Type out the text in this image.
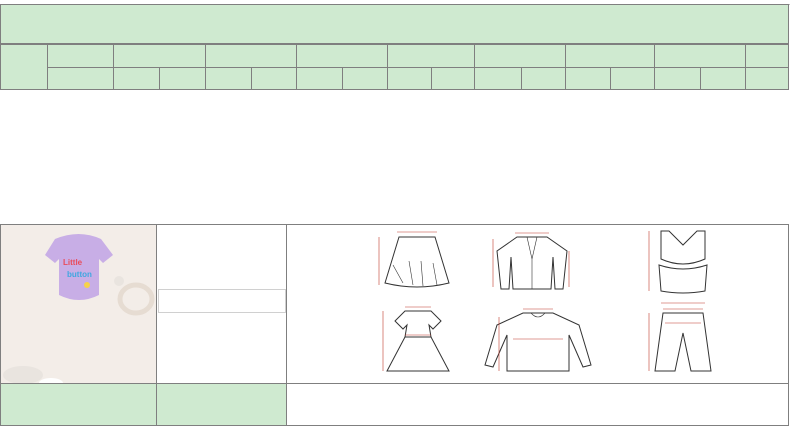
Little
button
